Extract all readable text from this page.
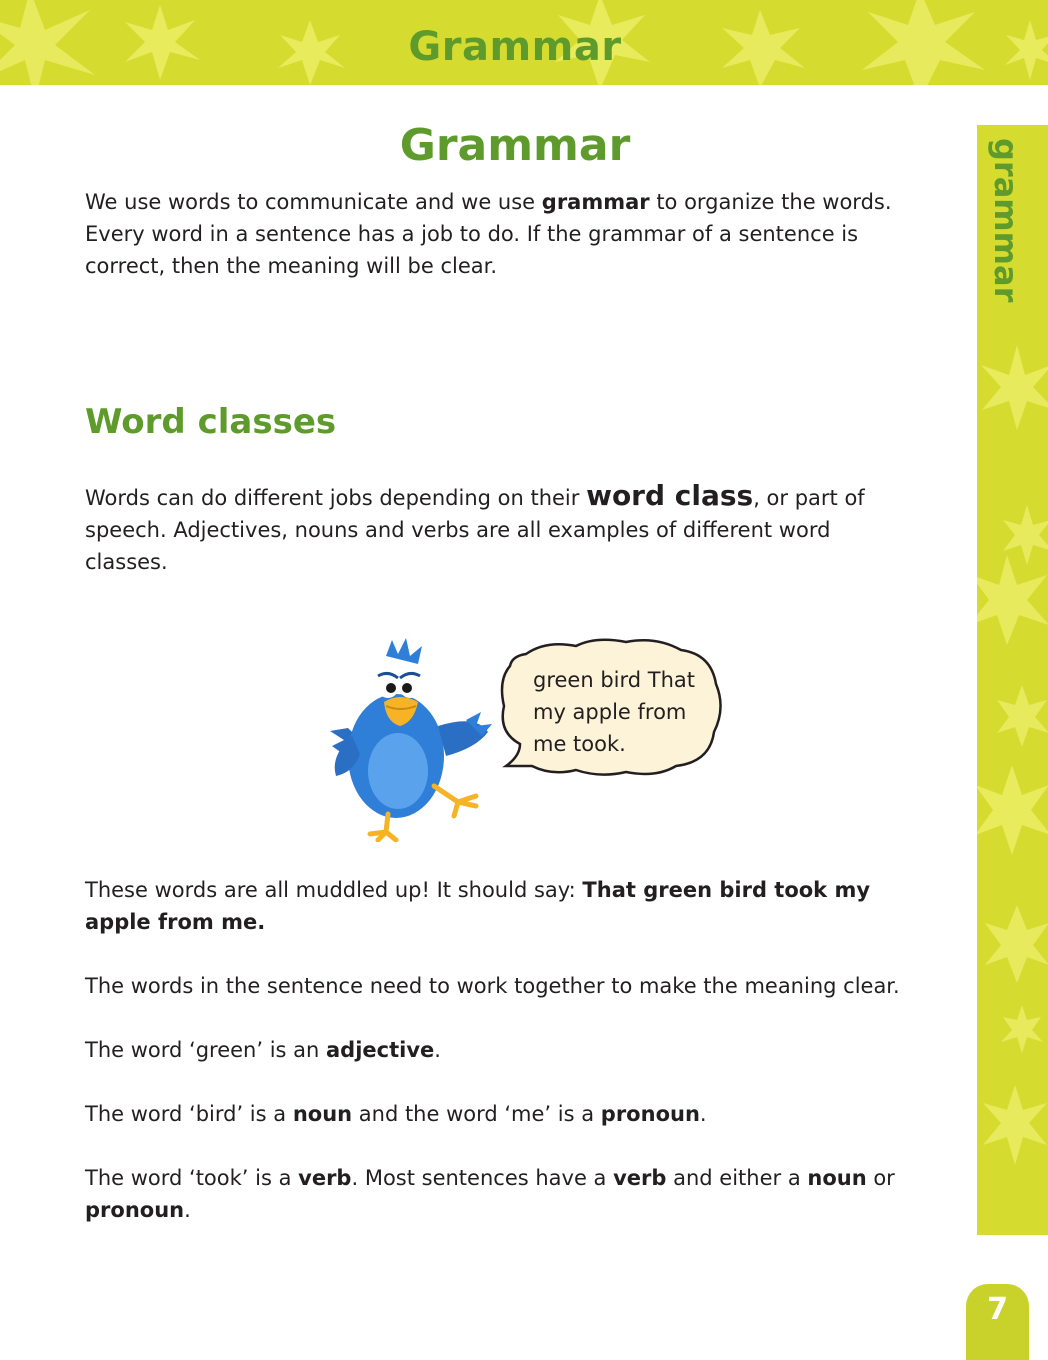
Grammar
grammar
Grammar

We use words to communicate and we use grammar to organize the words. Every word in a sentence has a job to do. If the grammar of a sentence is correct, then the meaning will be clear.

Word classes

Words can do different jobs depending on their word class, or part of speech. Adjectives, nouns and verbs are all examples of different word classes.

green bird That my apple from me took.

These words are all muddled up! It should say: That green bird took my apple from me.

The words in the sentence need to work together to make the meaning clear.

The word ‘green’ is an adjective.

The word ‘bird’ is a noun and the word ‘me’ is a pronoun.

The word ‘took’ is a verb. Most sentences have a verb and either a noun or pronoun.

7
